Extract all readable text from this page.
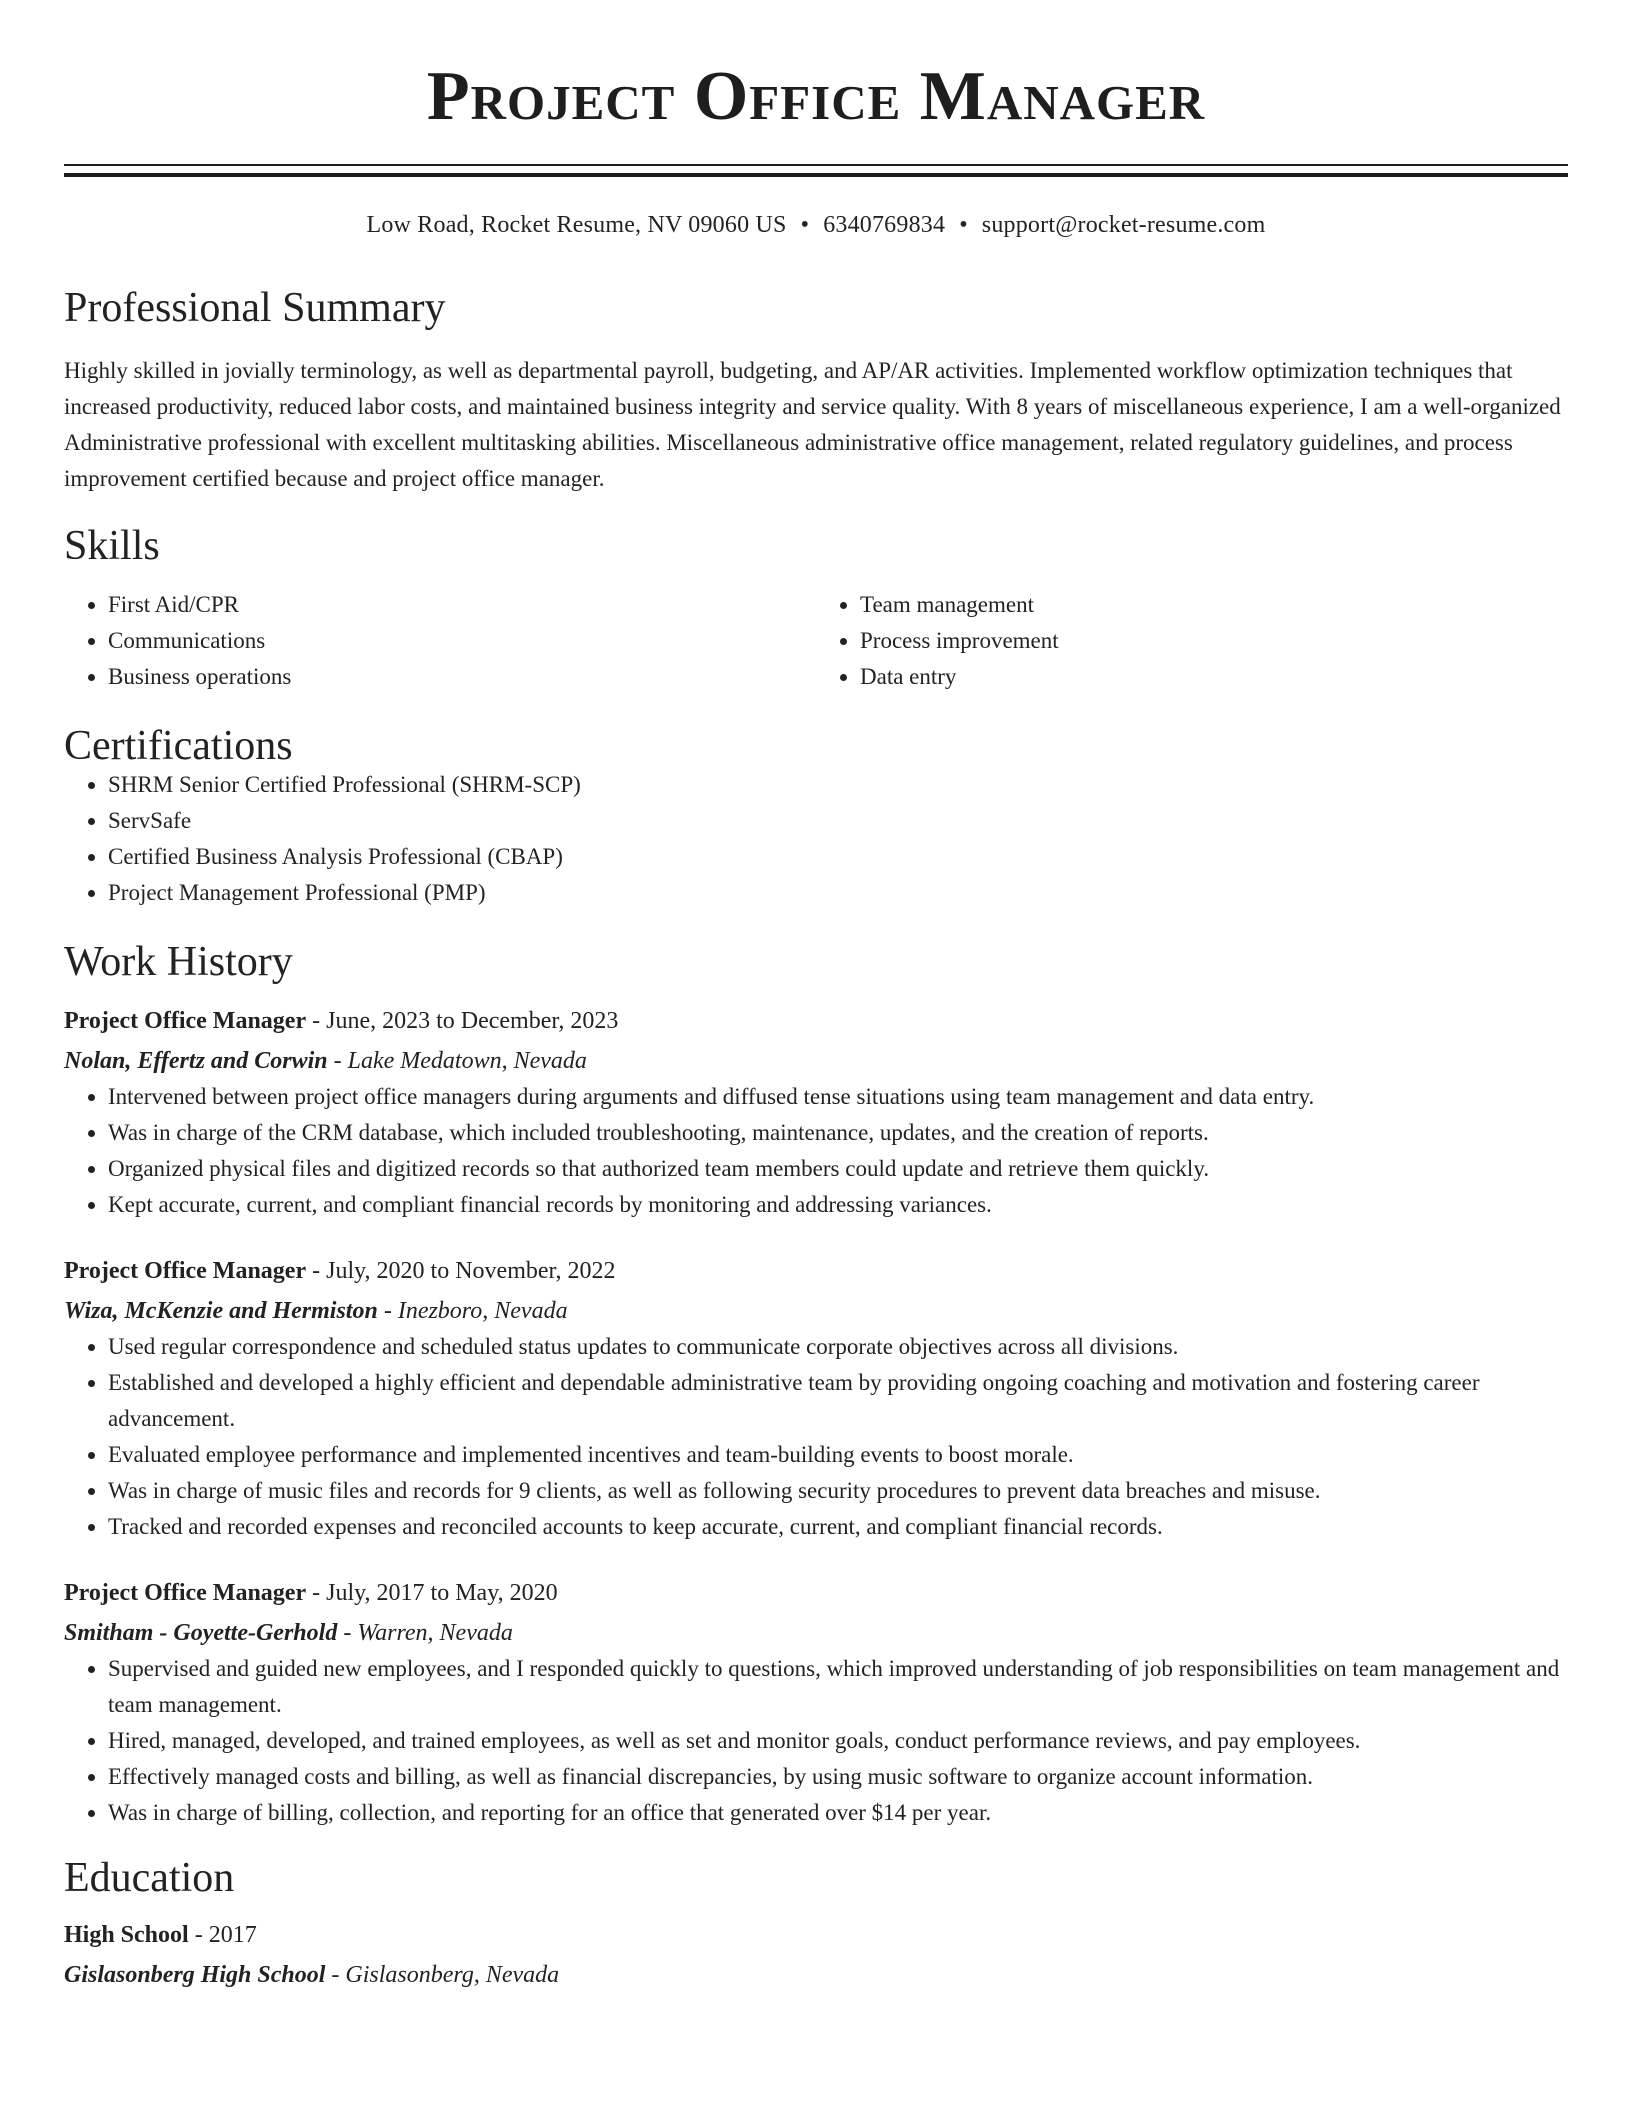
Project Office Manager
Low Road, Rocket Resume, NV 09060 US • 6340769834 • support@rocket-resume.com
Professional Summary
Highly skilled in jovially terminology, as well as departmental payroll, budgeting, and AP/AR activities. Implemented workflow optimization techniques that increased productivity, reduced labor costs, and maintained business integrity and service quality. With 8 years of miscellaneous experience, I am a well-organized Administrative professional with excellent multitasking abilities. Miscellaneous administrative office management, related regulatory guidelines, and process improvement certified because and project office manager.
Skills
• First Aid/CPR
• Communications
• Business operations
• Team management
• Process improvement
• Data entry
Certifications
• SHRM Senior Certified Professional (SHRM-SCP)
• ServSafe
• Certified Business Analysis Professional (CBAP)
• Project Management Professional (PMP)
Work History
Project Office Manager - June, 2023 to December, 2023
Nolan, Effertz and Corwin - Lake Medatown, Nevada
• Intervened between project office managers during arguments and diffused tense situations using team management and data entry.
• Was in charge of the CRM database, which included troubleshooting, maintenance, updates, and the creation of reports.
• Organized physical files and digitized records so that authorized team members could update and retrieve them quickly.
• Kept accurate, current, and compliant financial records by monitoring and addressing variances.
Project Office Manager - July, 2020 to November, 2022
Wiza, McKenzie and Hermiston - Inezboro, Nevada
• Used regular correspondence and scheduled status updates to communicate corporate objectives across all divisions.
• Established and developed a highly efficient and dependable administrative team by providing ongoing coaching and motivation and fostering career advancement.
• Evaluated employee performance and implemented incentives and team-building events to boost morale.
• Was in charge of music files and records for 9 clients, as well as following security procedures to prevent data breaches and misuse.
• Tracked and recorded expenses and reconciled accounts to keep accurate, current, and compliant financial records.
Project Office Manager - July, 2017 to May, 2020
Smitham - Goyette-Gerhold - Warren, Nevada
• Supervised and guided new employees, and I responded quickly to questions, which improved understanding of job responsibilities on team management and team management.
• Hired, managed, developed, and trained employees, as well as set and monitor goals, conduct performance reviews, and pay employees.
• Effectively managed costs and billing, as well as financial discrepancies, by using music software to organize account information.
• Was in charge of billing, collection, and reporting for an office that generated over $14 per year.
Education
High School - 2017
Gislasonberg High School - Gislasonberg, Nevada
